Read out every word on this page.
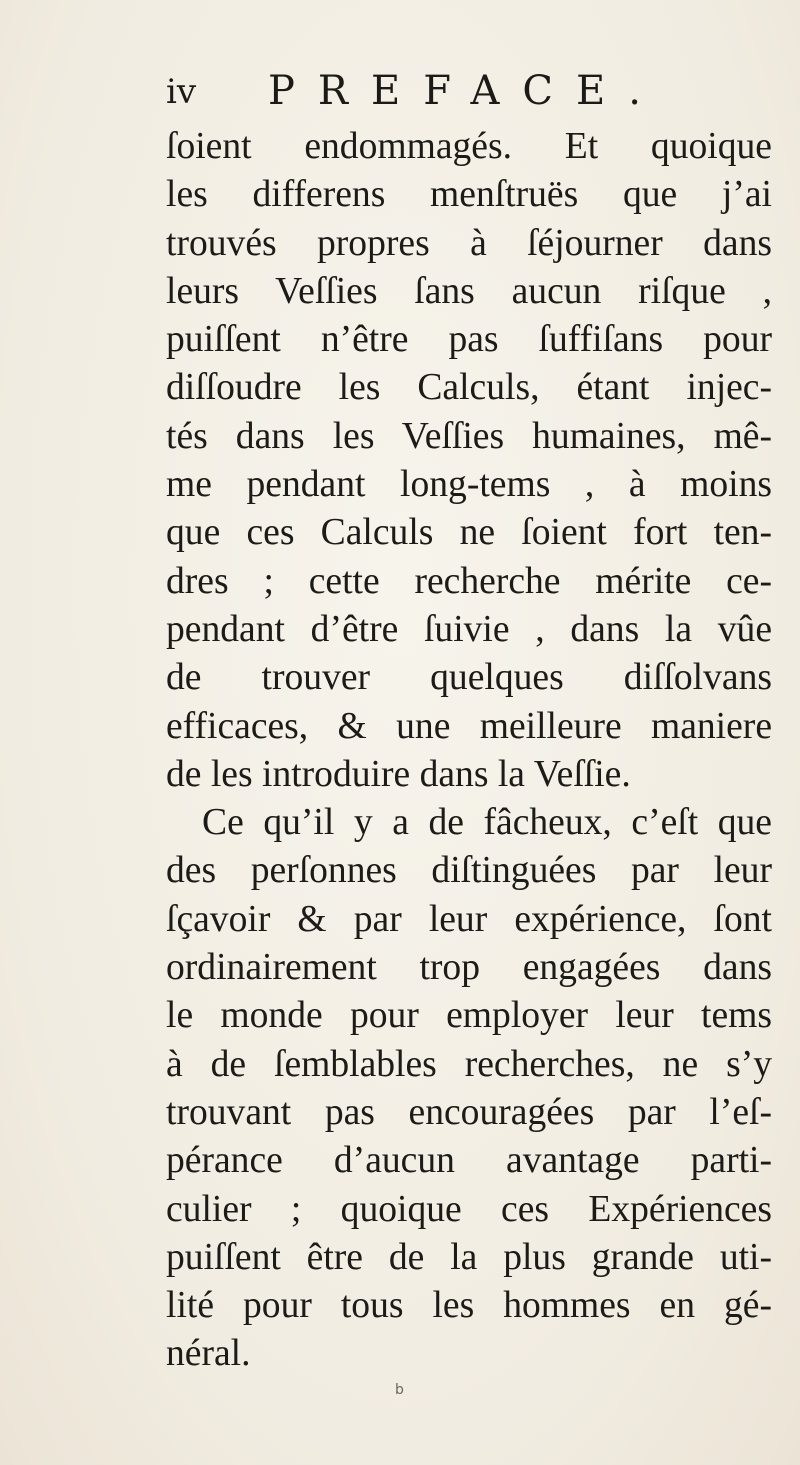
iv PREFACE.
ſoient endommagés. Et quoique
les differens menſtruës que j’ai
trouvés propres à ſéjourner dans
leurs Veſſies ſans aucun riſque ,
puiſſent n’être pas ſuffiſans pour
diſſoudre les Calculs, étant injec-
tés dans les Veſſies humaines, mê-
me pendant long-tems , à moins
que ces Calculs ne ſoient fort ten-
dres ; cette recherche mérite ce-
pendant d’être ſuivie , dans la vûe
de trouver quelques diſſolvans
efficaces, & une meilleure maniere
de les introduire dans la Veſſie.
Ce qu’il y a de fâcheux, c’eſt que
des perſonnes diſtinguées par leur
ſçavoir & par leur expérience, ſont
ordinairement trop engagées dans
le monde pour employer leur tems
à de ſemblables recherches, ne s’y
trouvant pas encouragées par l’eſ-
pérance d’aucun avantage parti-
culier ; quoique ces Expériences
puiſſent être de la plus grande uti-
lité pour tous les hommes en gé-
néral.
b
